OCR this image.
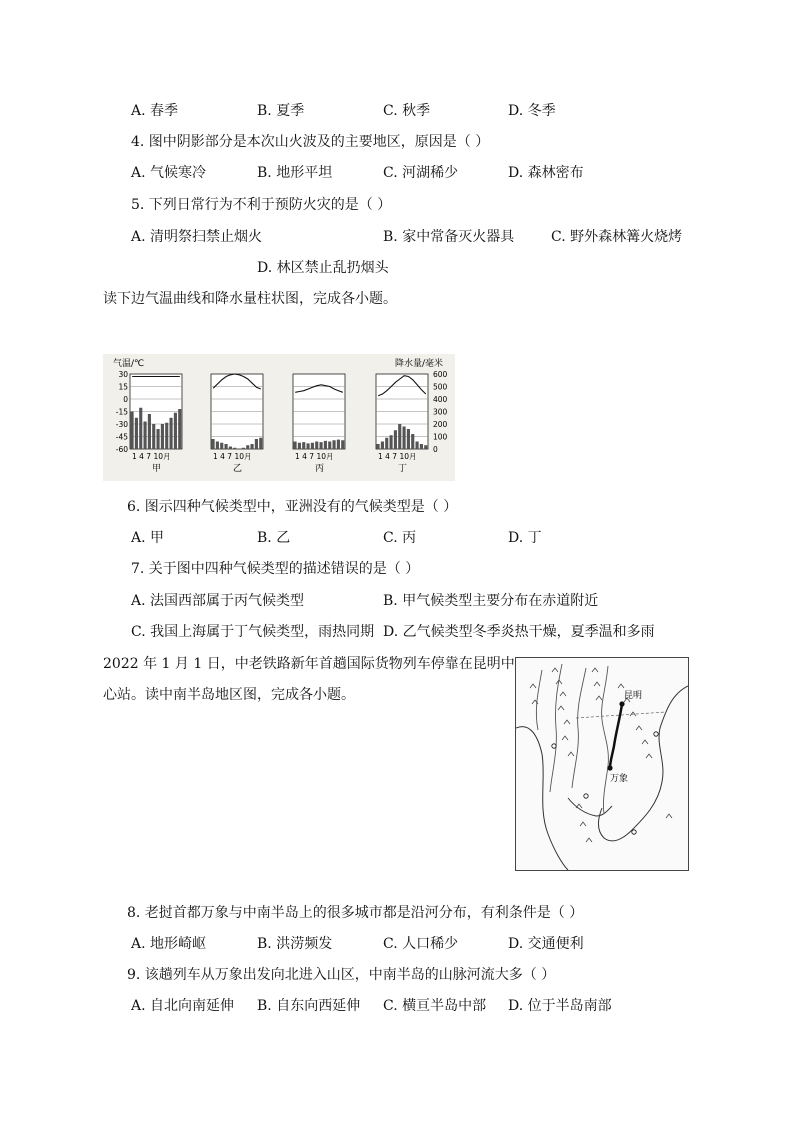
A. 春季	B. 夏季	C. 秋季	D. 冬季
4. 图中阴影部分是本次山火波及的主要地区，原因是（ ）
A. 气候寒冷	B. 地形平坦	C. 河湖稀少	D. 森林密布
5. 下列日常行为不利于预防火灾的是（ ）
A. 清明祭扫禁止烟火	B. 家中常备灭火器具	C. 野外森林篝火烧烤
D. 林区禁止乱扔烟头
读下边气温曲线和降水量柱状图，完成各小题。
气温/℃	降水量/毫米
30
15
0
-15
-30
-45
-60
600
500
400
300
200
100
0
1 4 7 10月
甲
1 4 7 10月
乙
1 4 7 10月
丙
1 4 7 10月
丁
6. 图示四种气候类型中，亚洲没有的气候类型是（ ）
A. 甲	B. 乙	C. 丙	D. 丁
7. 关于图中四种气候类型的描述错误的是（ ）
A. 法国西部属于丙气候类型	B. 甲气候类型主要分布在赤道附近
C. 我国上海属于丁气候类型，雨热同期 D. 乙气候类型冬季炎热干燥，夏季温和多雨
2022 年 1 月 1 日，中老铁路新年首趟国际货物列车停靠在昆明中
心站。读中南半岛地区图，完成各小题。	昆明
万象
8. 老挝首都万象与中南半岛上的很多城市都是沿河分布，有利条件是（ ）
A. 地形崎岖	B. 洪涝频发	C. 人口稀少	D. 交通便利
9. 该趟列车从万象出发向北进入山区，中南半岛的山脉河流大多（ ）
A. 自北向南延伸 B. 自东向西延伸 C. 横亘半岛中部 D. 位于半岛南部
